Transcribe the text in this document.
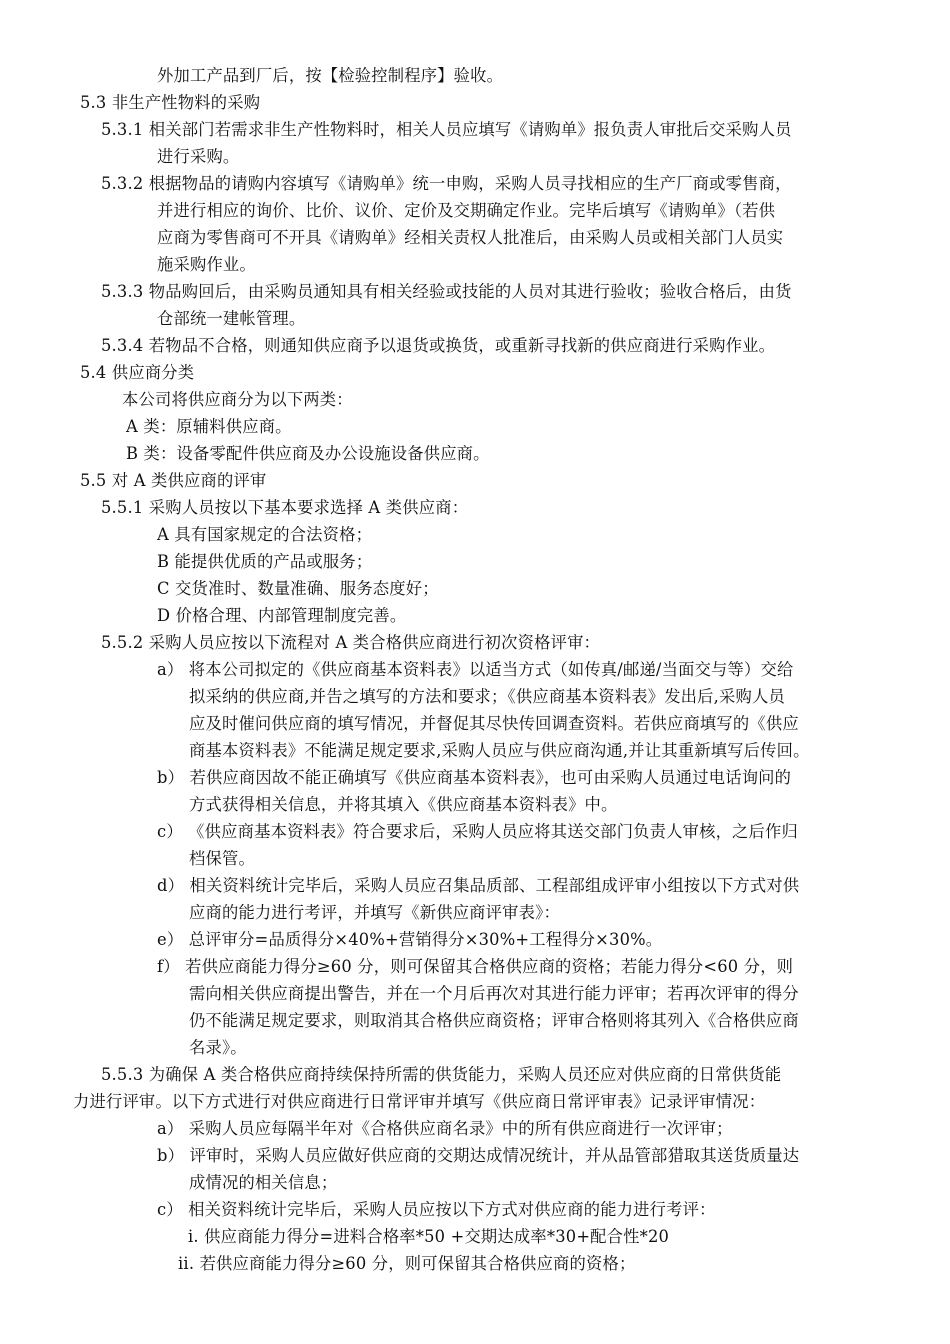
外加工产品到厂后，按【检验控制程序】验收。
5.3 非生产性物料的采购
5.3.1 相关部门若需求非生产性物料时，相关人员应填写《请购单》报负责人审批后交采购人员
进行采购。
5.3.2 根据物品的请购内容填写《请购单》统一申购，采购人员寻找相应的生产厂商或零售商，
并进行相应的询价、比价、议价、定价及交期确定作业。完毕后填写《请购单》（若供
应商为零售商可不开具《请购单》经相关责权人批准后，由采购人员或相关部门人员实
施采购作业。
5.3.3 物品购回后，由采购员通知具有相关经验或技能的人员对其进行验收；验收合格后，由货
仓部统一建帐管理。
5.3.4 若物品不合格，则通知供应商予以退货或换货，或重新寻找新的供应商进行采购作业。
5.4 供应商分类
本公司将供应商分为以下两类：
A 类：原辅料供应商。
B 类：设备零配件供应商及办公设施设备供应商。
5.5 对 A 类供应商的评审
5.5.1 采购人员按以下基本要求选择 A 类供应商：
A 具有国家规定的合法资格；
B 能提供优质的产品或服务；
C 交货准时、数量准确、服务态度好；
D 价格合理、内部管理制度完善。
5.5.2 采购人员应按以下流程对 A 类合格供应商进行初次资格评审：
a） 将本公司拟定的《供应商基本资料表》以适当方式（如传真/邮递/当面交与等）交给
拟采纳的供应商,并告之填写的方法和要求；《供应商基本资料表》发出后,采购人员
应及时催问供应商的填写情况，并督促其尽快传回调查资料。若供应商填写的《供应
商基本资料表》不能满足规定要求,采购人员应与供应商沟通,并让其重新填写后传回。
b） 若供应商因故不能正确填写《供应商基本资料表》，也可由采购人员通过电话询问的
方式获得相关信息，并将其填入《供应商基本资料表》中。
c） 《供应商基本资料表》符合要求后，采购人员应将其送交部门负责人审核，之后作归
档保管。
d） 相关资料统计完毕后，采购人员应召集品质部、工程部组成评审小组按以下方式对供
应商的能力进行考评，并填写《新供应商评审表》：
e） 总评审分=品质得分×40%+营销得分×30%+工程得分×30%。
f） 若供应商能力得分≥60 分，则可保留其合格供应商的资格；若能力得分<60 分，则
需向相关供应商提出警告，并在一个月后再次对其进行能力评审；若再次评审的得分
仍不能满足规定要求，则取消其合格供应商资格；评审合格则将其列入《合格供应商
名录》。
5.5.3 为确保 A 类合格供应商持续保持所需的供货能力，采购人员还应对供应商的日常供货能
力进行评审。以下方式进行对供应商进行日常评审并填写《供应商日常评审表》记录评审情况：
a） 采购人员应每隔半年对《合格供应商名录》中的所有供应商进行一次评审；
b） 评审时，采购人员应做好供应商的交期达成情况统计，并从品管部猎取其送货质量达
成情况的相关信息；
c） 相关资料统计完毕后，采购人员应按以下方式对供应商的能力进行考评：
i. 供应商能力得分=进料合格率*50 +交期达成率*30+配合性*20
ii. 若供应商能力得分≥60 分，则可保留其合格供应商的资格；
